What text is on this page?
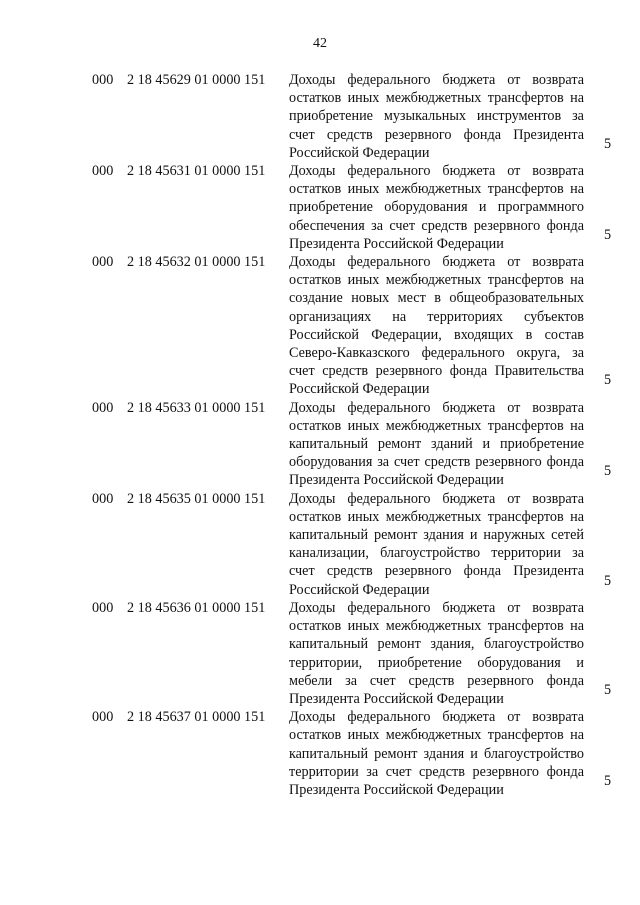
42
000 2 18 45629 01 0000 151 Доходы федерального бюджета от возврата остатков иных межбюджетных трансфертов на приобретение музыкальных инструментов за счет средств резервного фонда Президента Российской Федерации
5
000 2 18 45631 01 0000 151 Доходы федерального бюджета от возврата остатков иных межбюджетных трансфертов на приобретение оборудования и программного обеспечения за счет средств резервного фонда Президента Российской Федерации
5
000 2 18 45632 01 0000 151 Доходы федерального бюджета от возврата остатков иных межбюджетных трансфертов на создание новых мест в общеобразовательных организациях на территориях субъектов Российской Федерации, входящих в состав Северо-Кавказского федерального округа, за счет средств резервного фонда Правительства Российской Федерации
5
000 2 18 45633 01 0000 151 Доходы федерального бюджета от возврата остатков иных межбюджетных трансфертов на капитальный ремонт зданий и приобретение оборудования за счет средств резервного фонда Президента Российской Федерации
5
000 2 18 45635 01 0000 151 Доходы федерального бюджета от возврата остатков иных межбюджетных трансфертов на капитальный ремонт здания и наружных сетей канализации, благоустройство территории за счет средств резервного фонда Президента Российской Федерации
5
000 2 18 45636 01 0000 151 Доходы федерального бюджета от возврата остатков иных межбюджетных трансфертов на капитальный ремонт здания, благоустройство территории, приобретение оборудования и мебели за счет средств резервного фонда Президента Российской Федерации
5
000 2 18 45637 01 0000 151 Доходы федерального бюджета от возврата остатков иных межбюджетных трансфертов на капитальный ремонт здания и благоустройство территории за счет средств резервного фонда Президента Российской Федерации
5
